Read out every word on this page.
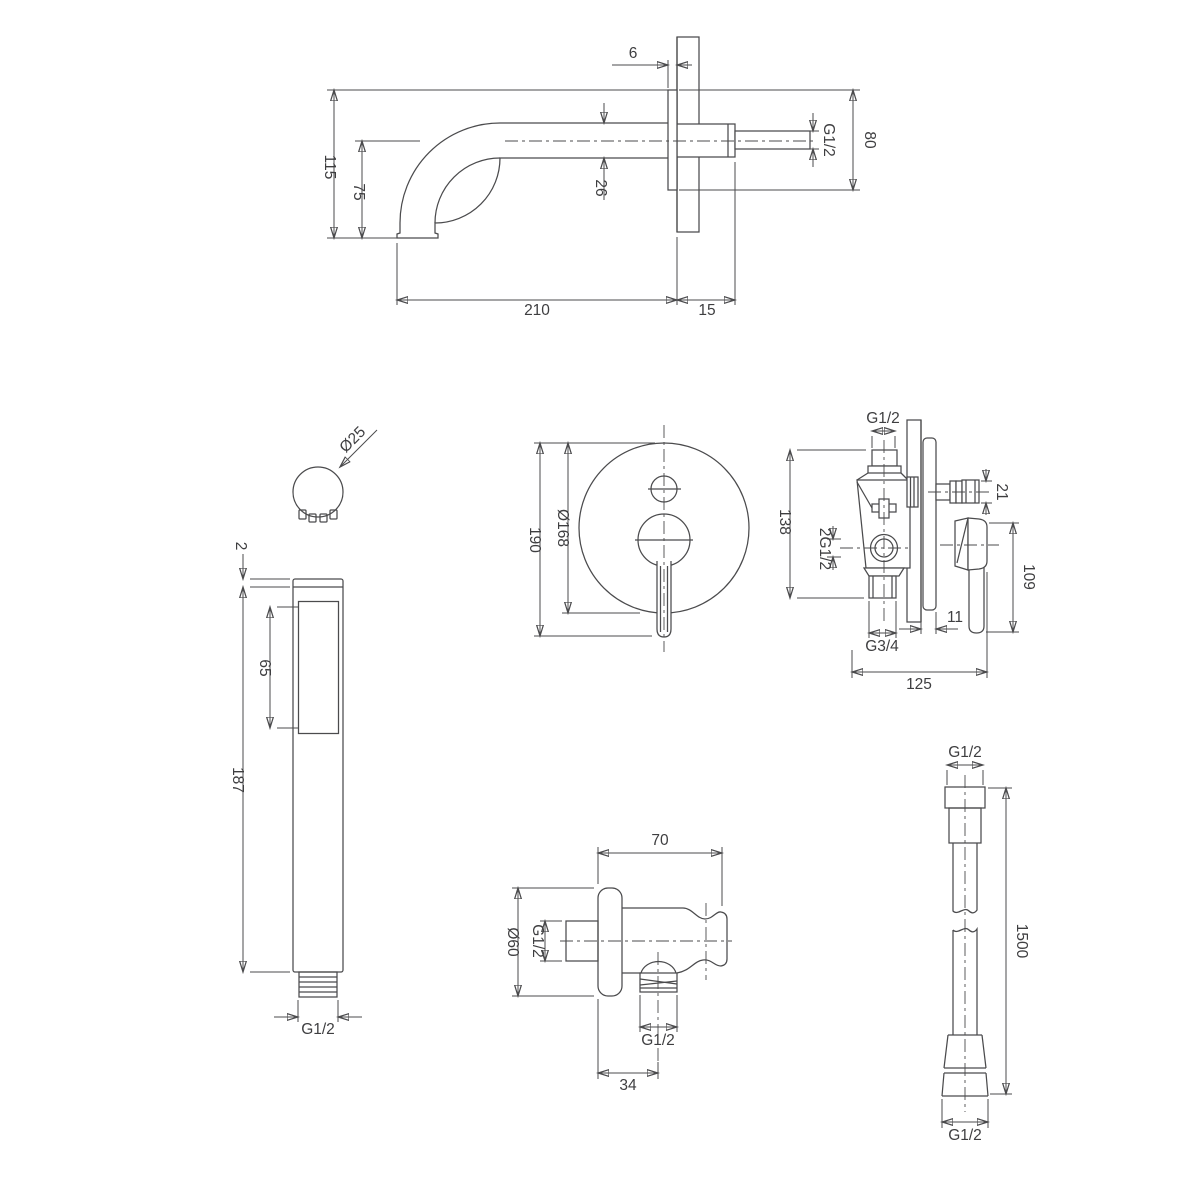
6
115
75	26
G1/2 80
210	15
Ø25
2
187
65
G1/2
190 Ø168
G1/2
138
2G1/2
21
109
11
G3/4
125
70
Ø60 G1/2
G1/2
34
G1/2
1500
G1/2
